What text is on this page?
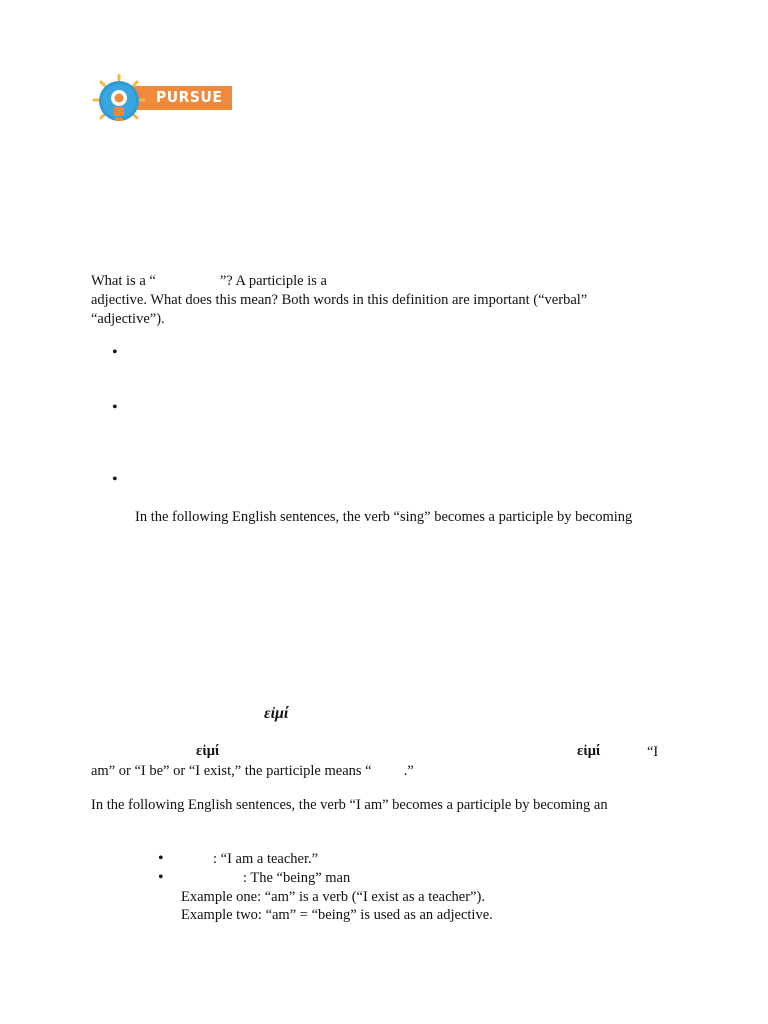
PURSUE
What is a “	”? A participle is a
adjective. What does this mean? Both words in this definition are important (“verbal”
“adjective”).
•
•
•
In the following English sentences, the verb “sing” becomes a participle by becoming
εἰμί
εἰμί	εἰμί	“I
am” or “I be” or “I exist,” the participle means “ .”
In the following English sentences, the verb “I am” becomes a participle by becoming an
•	: “I am a teacher.”
•	: The “being” man
Example one: “am” is a verb (“I exist as a teacher”).
Example two: “am” = “being” is used as an adjective.
